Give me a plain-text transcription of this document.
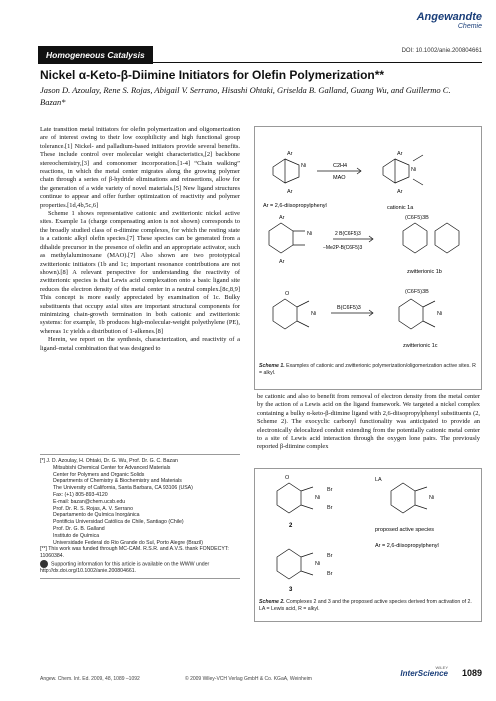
Angewandte
Chemie
Homogeneous Catalysis	DOI: 10.1002/anie.200804661
Nickel α-Keto-β-Diimine Initiators for Olefin Polymerization**
Jason D. Azoulay, Rene S. Rojas, Abigail V. Serrano, Hisashi Ohtaki, Griselda B. Galland, Guang Wu, and Guillermo C. Bazan*

Late transition metal initiators for olefin polymerization and oligomerization are of interest owing to their low oxophilicity and high functional group tolerance.[1] Nickel- and palladium-based initiators provide several benefits. These include control over molecular weight characteristics,[2] backbone stereochemistry,[3] and comonomer incorporation.[1-4] “Chain walking” reactions, in which the metal center migrates along the growing polymer chain through a series of β-hydride eliminations and reinsertions, allow for the generation of a wide variety of novel materials.[5] New ligand structures continue to appear and offer further optimization of reactivity and polymer properties.[1d,4b,5c,6]

Scheme 1 shows representative cationic and zwitterionic nickel active sites. Example 1a (charge compensating anion is not shown) corresponds to the broadly studied class of α-diimine complexes, for which the resting state is a cationic alkyl olefin species.[7] These species can be generated from a dihalide precursor in the presence of olefin and an appropriate activator, such as methylaluminoxane (MAO).[7] Also shown are two prototypical zwitterionic initiators (1b and 1c; important resonance contributions are not shown).[8] A relevant perspective for understanding the reactivity of zwitterionic species is that Lewis acid complexation onto a basic ligand site reduces the electron density of the metal center in a neutral complex.[8c,8,9] This concept is more easily appreciated by examination of 1c. Bulky substituents that occupy axial sites are important structural components for minimizing chain-growth termination in both cationic and zwitterionic systems: for example, 1b produces high-molecular-weight polyethylene (PE), whereas 1c yields a distribution of 1-alkenes.[8]

Herein, we report on the synthesis, characterization, and reactivity of a ligand–metal combination that was designed to

Ar
Ar
Ni
Ar
Ar
Ni
Ar
Ar
Ni
(C6F5)3B
O
Ni
(C6F5)3B
Ni
C2H4
MAO
Ar = 2,6-diisopropylphenyl	cationic 1a
2 B(C6F5)3
−Me2P-B(C6F5)3
zwitterionic 1b
B(C6F5)3
zwitterionic 1c
Scheme 1. Examples of cationic and zwitterionic polymerization/oligomerization active sites. R = alkyl.

be cationic and also to benefit from removal of electron density from the metal center by the action of a Lewis acid on the ligand framework. We targeted a nickel complex containing a bulky α-keto-β-diimine ligand with 2,6-diisopropylphenyl substituents (2, Scheme 2). The exocyclic carbonyl functionality was anticipated to provide an electronically delocalized conduit extending from the potentially cationic metal center to a site of Lewis acid interaction through the oxygen lone pairs. The previously reported β-diimine complex

O
Ni
Br
Br
LA
Ni
Ni
Br
Br
2
proposed active species
Ar = 2,6-diisopropylphenyl
3
Scheme 2. Complexes 2 and 3 and the proposed active species derived from activation of 2. LA = Lewis acid, R = alkyl.
[*] J. D. Azoulay, H. Ohtaki, Dr. G. Wu, Prof. Dr. G. C. Bazan
Mitsubishi Chemical Center for Advanced Materials
Center for Polymers and Organic Solids
Departments of Chemistry & Biochemistry and Materials
The University of California, Santa Barbara, CA 93106 (USA)
Fax: (+1) 805-893-4120
E-mail: bazan@chem.ucsb.edu
Prof. Dr. R. S. Rojas, A. V. Serrano
Departamento de Química Inorgánica
Pontificia Universidad Católica de Chile, Santiago (Chile)
Prof. Dr. G. B. Galland
Instituto de Química
Universidade Federal do Rio Grande do Sul, Porto Alegre (Brazil)
[**] This work was funded through MC-CAM. R.S.R. and A.V.S. thank FONDECYT: 11060384.
Supporting information for this article is available on the WWW under http://dx.doi.org/10.1002/anie.200804661.
Angew. Chem. Int. Ed. 2009, 48, 1089 –1092	© 2009 Wiley-VCH Verlag GmbH & Co. KGaA, Weinheim
WILEY
InterScience 1089
